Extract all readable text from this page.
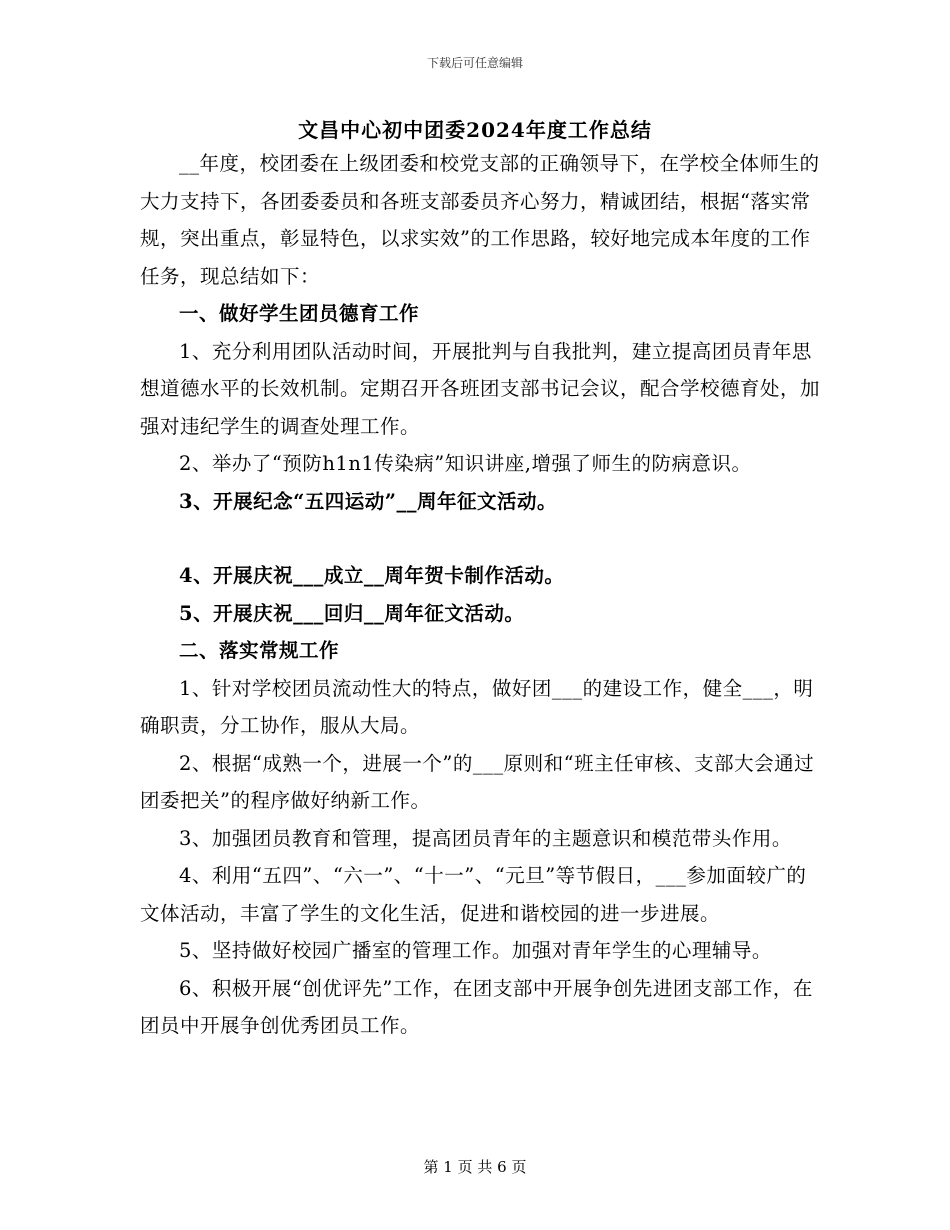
下载后可任意编辑
文昌中心初中团委2024年度工作总结

__年度，校团委在上级团委和校党支部的正确领导下，在学校全体师生的大力支持下，各团委委员和各班支部委员齐心努力，精诚团结，根据“落实常规，突出重点，彰显特色，以求实效”的工作思路，较好地完成本年度的工作任务，现总结如下：

一、做好学生团员德育工作

1、充分利用团队活动时间，开展批判与自我批判，建立提高团员青年思想道德水平的长效机制。定期召开各班团支部书记会议，配合学校德育处，加强对违纪学生的调查处理工作。

2、举办了“预防h1n1传染病”知识讲座,增强了师生的防病意识。

3、开展纪念“五四运动”__周年征文活动。

4、开展庆祝___成立__周年贺卡制作活动。

5、开展庆祝___回归__周年征文活动。

二、落实常规工作

1、针对学校团员流动性大的特点，做好团___的建设工作，健全___，明确职责，分工协作，服从大局。

2、根据“成熟一个，进展一个”的___原则和“班主任审核、支部大会通过团委把关”的程序做好纳新工作。

3、加强团员教育和管理，提高团员青年的主题意识和模范带头作用。

4、利用“五四”、“六一”、“十一”、“元旦”等节假日，___参加面较广的文体活动，丰富了学生的文化生活，促进和谐校园的进一步进展。

5、坚持做好校园广播室的管理工作。加强对青年学生的心理辅导。

6、积极开展“创优评先”工作，在团支部中开展争创先进团支部工作，在团员中开展争创优秀团员工作。

第 1 页 共 6 页
